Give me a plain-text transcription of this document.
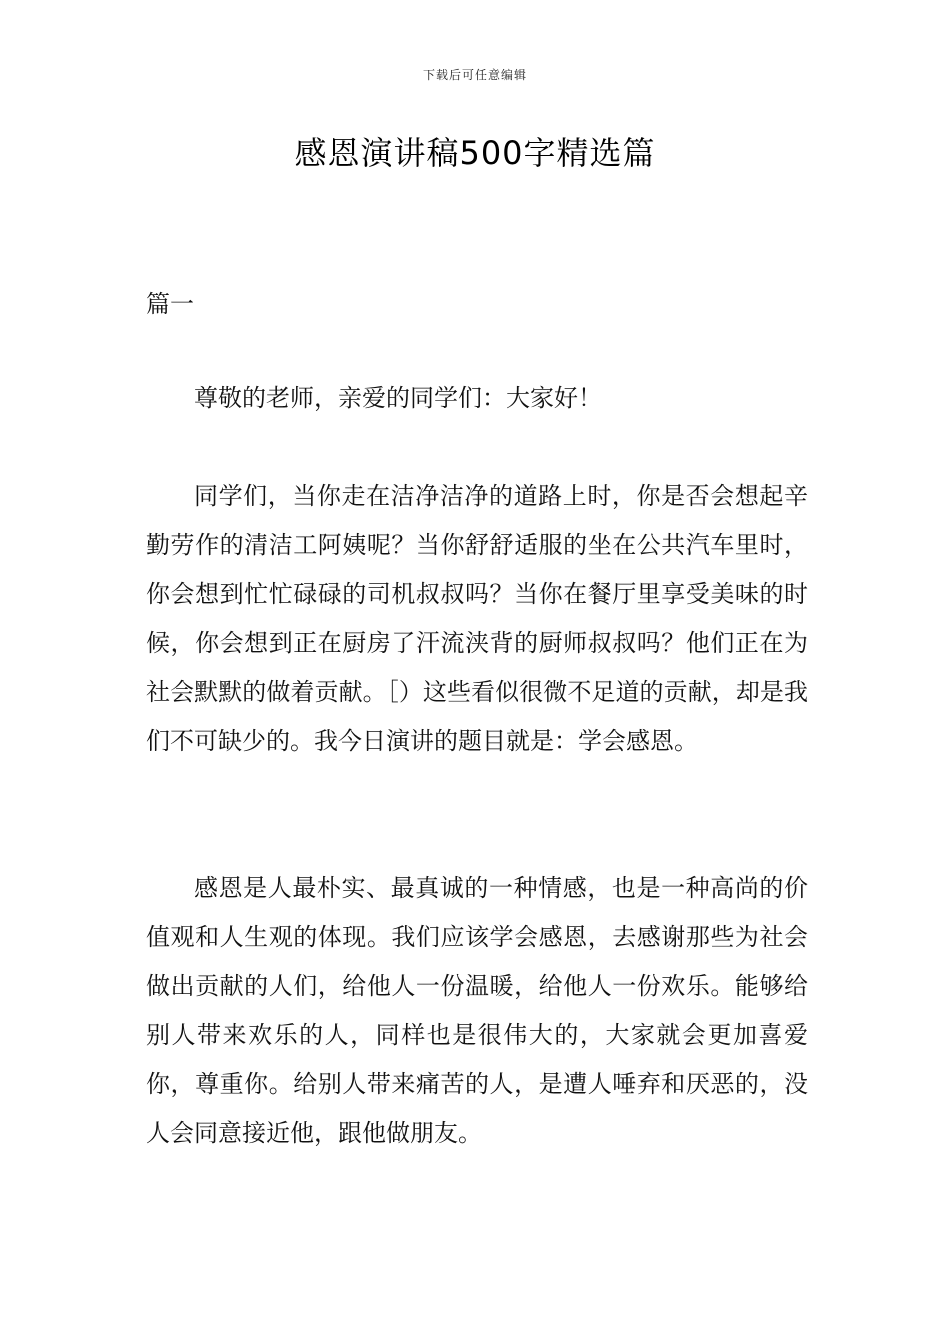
下载后可任意编辑
感恩演讲稿500字精选篇
篇一

尊敬的老师，亲爱的同学们：大家好！

同学们，当你走在洁净洁净的道路上时，你是否会想起辛勤劳作的清洁工阿姨呢？当你舒舒适服的坐在公共汽车里时，你会想到忙忙碌碌的司机叔叔吗？当你在餐厅里享受美味的时候，你会想到正在厨房了汗流浃背的厨师叔叔吗？他们正在为社会默默的做着贡献。［）这些看似很微不足道的贡献，却是我们不可缺少的。我今日演讲的题目就是：学会感恩。

感恩是人最朴实、最真诚的一种情感，也是一种高尚的价值观和人生观的体现。我们应该学会感恩，去感谢那些为社会做出贡献的人们，给他人一份温暖，给他人一份欢乐。能够给别人带来欢乐的人，同样也是很伟大的，大家就会更加喜爱你，尊重你。给别人带来痛苦的人，是遭人唾弃和厌恶的，没人会同意接近他，跟他做朋友。
